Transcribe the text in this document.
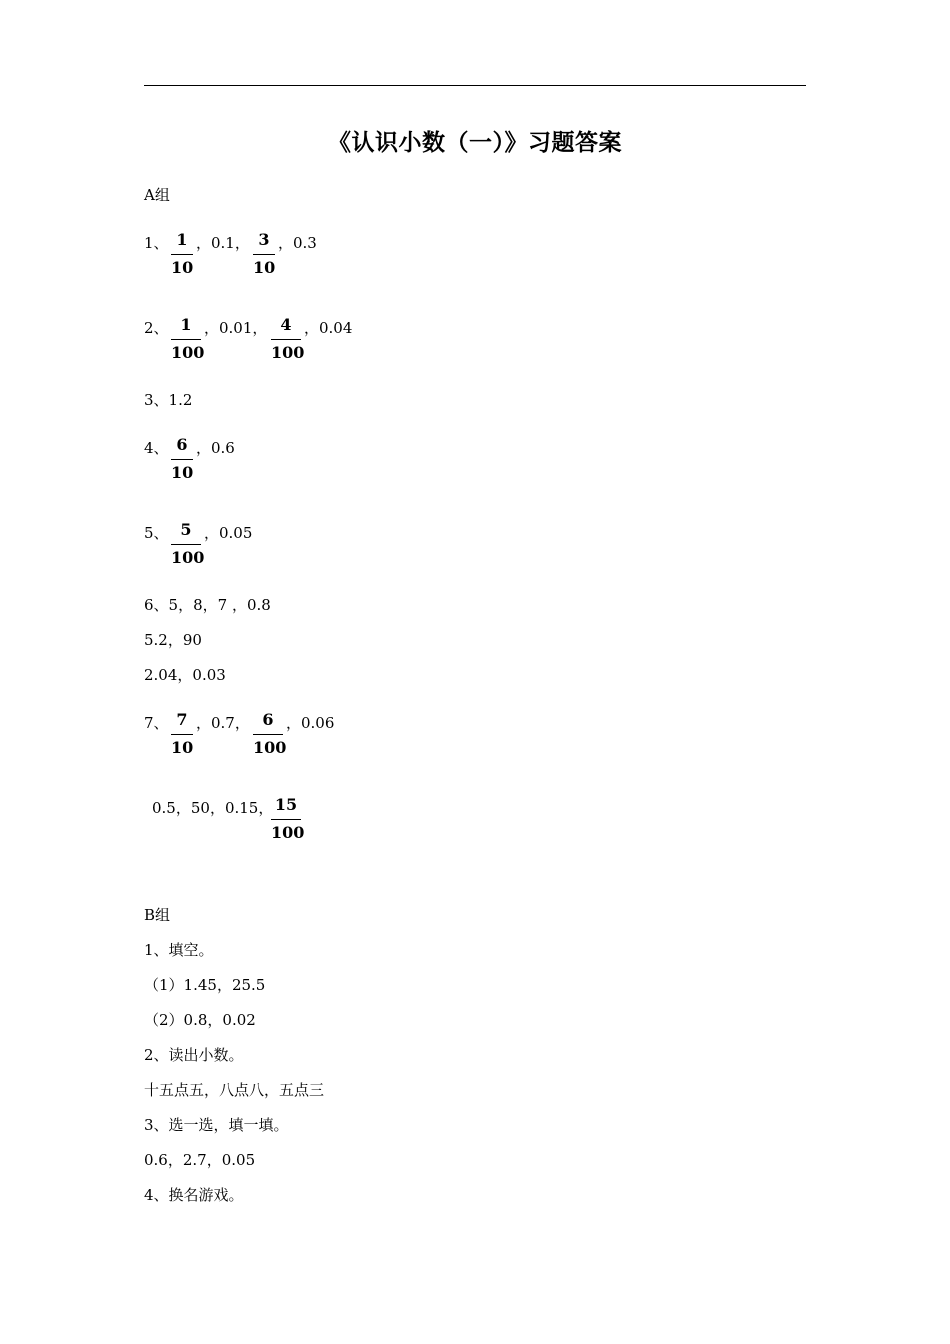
《认识小数（一）》习题答案
A组
1、 $\frac{1}{10}$ ，0.1， $\frac{3}{10}$ ，0.3
2、 $\frac{1}{100}$ ，0.01， $\frac{4}{100}$ ，0.04
3、1.2
4、 $\frac{6}{10}$ ，0.6
5、 $\frac{5}{100}$ ，0.05
6、5，8，7 ，0.8
5.2，90
2.04，0.03
7、 $\frac{7}{10}$ ，0.7， $\frac{6}{100}$ ，0.06
0.5，50，0.15，
$\frac{15}{100}$
B组
1、填空。
（1）1.45，25.5
（2）0.8，0.02
2、读出小数。
十五点五，八点八，五点三
3、选一选，填一填。
0.6，2.7，0.05
4、换名游戏。
